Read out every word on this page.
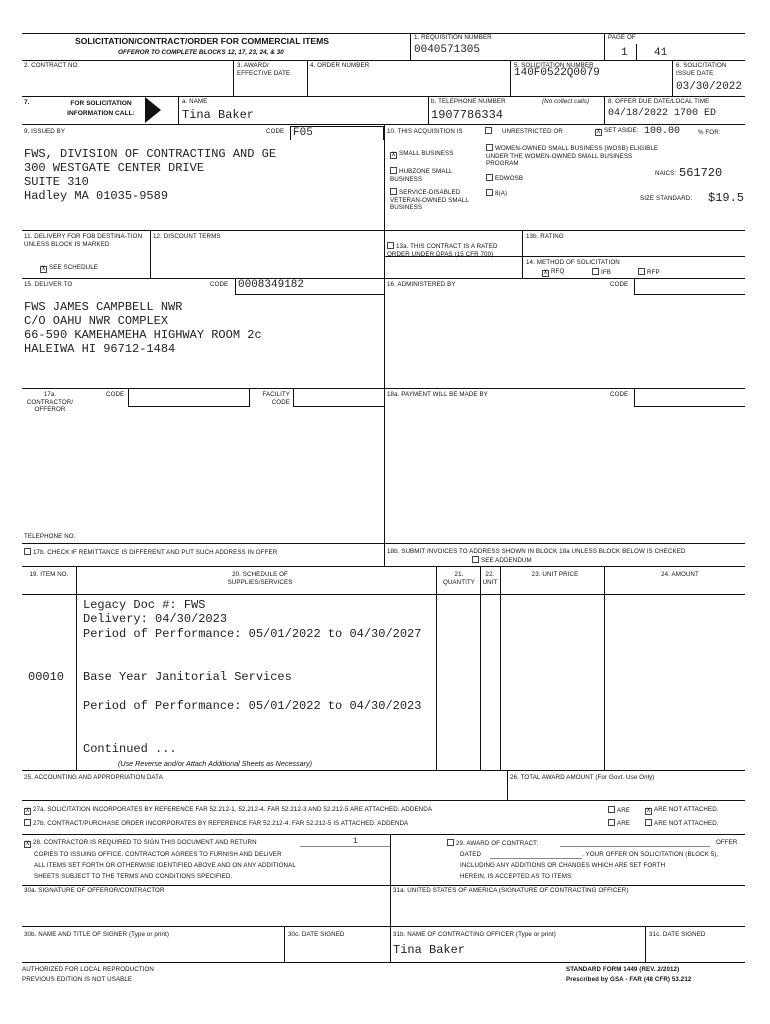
SOLICITATION/CONTRACT/ORDER FOR COMMERCIAL ITEMS
OFFEROR TO COMPLETE BLOCKS 12, 17, 23, 24, & 30
1. REQUISITION NUMBER
0040571305
PAGE OF
1 41
2. CONTRACT NO.	3. AWARD/ EFFECTIVE DATE
4. ORDER NUMBER	5. SOLICITATION NUMBER
140F0522Q0079
6. SOLICITATION ISSUE DATE
03/30/2022
7.	FOR SOLICITATION INFORMATION CALL:
a. NAME
Tina Baker
b. TELEPHONE NUMBER	(No collect calls)
1907786334
8. OFFER DUE DATE/LOCAL TIME
04/18/2022 1700 ED
9. ISSUED BY	CODE F05
FWS, DIVISION OF CONTRACTING AND GE
300 WESTGATE CENTER DRIVE
SUITE 310
Hadley MA 01035-9589
10. THIS ACQUISITION IS	UNRESTRICTED OR	X SET ASIDE: 100.00	% FOR:
X SMALL BUSINESS
HUBZONE SMALL BUSINESS
SERVICE-DISABLED VETERAN-OWNED SMALL BUSINESS
WOMEN-OWNED SMALL BUSINESS (WOSB) ELIGIBLE UNDER THE WOMEN-OWNED SMALL BUSINESS PROGRAM
EDWOSB
8(A)
NAICS: 561720
SIZE STANDARD: $19.5
11. DELIVERY FOR FOB DESTINA-TION UNLESS BLOCK IS MARKED
X SEE SCHEDULE
12. DISCOUNT TERMS
13a. THIS CONTRACT IS A RATED ORDER UNDER DPAS (15 CFR 700)
13b. RATING
14. METHOD OF SOLICITATION
X RFQ	IFB	RFP
15. DELIVER TO	CODE 0008349182
FWS JAMES CAMPBELL NWR
C/O OAHU NWR COMPLEX
66-590 KAMEHAMEHA HIGHWAY ROOM 2c
HALEIWA HI 96712-1484
16. ADMINISTERED BY	CODE
17a. CONTRACTOR/ OFFEROR
CODE	FACILITY CODE
TELEPHONE NO.
17b. CHECK IF REMITTANCE IS DIFFERENT AND PUT SUCH ADDRESS IN OFFER
18a. PAYMENT WILL BE MADE BY	CODE
18b. SUBMIT INVOICES TO ADDRESS SHOWN IN BLOCK 18a UNLESS BLOCK BELOW IS CHECKED
SEE ADDENDUM
19. ITEM NO.	20. SCHEDULE OF SUPPLIES/SERVICES
21. QUANTITY
22. UNIT
23. UNIT PRICE	24. AMOUNT
Legacy Doc #: FWS
Delivery: 04/30/2023
Period of Performance: 05/01/2022 to 04/30/2027
00010 Base Year Janitorial Services
Period of Performance: 05/01/2022 to 04/30/2023
Continued ...
(Use Reverse and/or Attach Additional Sheets as Necessary)
25. ACCOUNTING AND APPROPRIATION DATA	26. TOTAL AWARD AMOUNT (For Govt. Use Only)
X 27a. SOLICITATION INCORPORATES BY REFERENCE FAR 52.212-1, 52.212-4. FAR 52.212-3 AND 52.212-5 ARE ATTACHED. ADDENDA
27b. CONTRACT/PURCHASE ORDER INCORPORATES BY REFERENCE FAR 52.212-4. FAR 52.212-5 IS ATTACHED. ADDENDA
ARE	X ARE NOT ATTACHED.
ARE	ARE NOT ATTACHED.
X 28. CONTRACTOR IS REQUIRED TO SIGN THIS DOCUMENT AND RETURN	1
COPIES TO ISSUING OFFICE. CONTRACTOR AGREES TO FURNISH AND DELIVER
ALL ITEMS SET FORTH OR OTHERWISE IDENTIFIED ABOVE AND ON ANY ADDITIONAL
SHEETS SUBJECT TO THE TERMS AND CONDITIONS SPECIFIED.
29. AWARD OF CONTRACT:	OFFER
DATED	. YOUR OFFER ON SOLICITATION (BLOCK 5),
INCLUDING ANY ADDITIONS OR CHANGES WHICH ARE SET FORTH
HEREIN, IS ACCEPTED AS TO ITEMS:
30a. SIGNATURE OF OFFEROR/CONTRACTOR	31a. UNITED STATES OF AMERICA (SIGNATURE OF CONTRACTING OFFICER)
30b. NAME AND TITLE OF SIGNER (Type or print)	30c. DATE SIGNED	31b. NAME OF CONTRACTING OFFICER (Type or print)
Tina Baker
31c. DATE SIGNED
AUTHORIZED FOR LOCAL REPRODUCTION
PREVIOUS EDITION IS NOT USABLE
STANDARD FORM 1449 (REV. 2/2012)
Prescribed by GSA - FAR (48 CFR) 53.212
